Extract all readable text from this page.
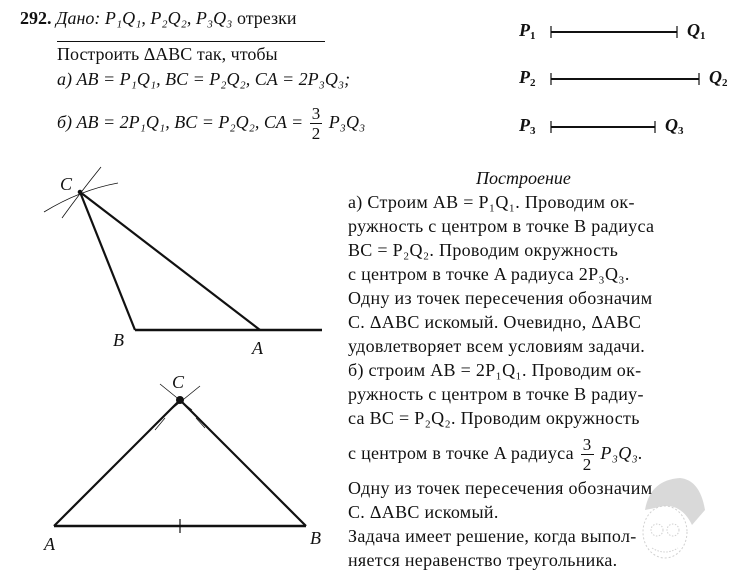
292. Дано: P₁Q₁, P₂Q₂, P₃Q₃ отрезки
Построить ΔABC так, чтобы
а) AB = P₁Q₁, BC = P₂Q₂, CA = 2P₃Q₃;
б) AB = 2P₁Q₁, BC = P₂Q₂, CA = $\frac{3}{2} P_3Q_3$
$P_1$	$Q_1$
$P_2$	$Q_2$
$P_3$	$Q_3$
C
B	A
C
A	B
Построение
а) Строим AB = P₁Q₁. Проводим ок-
ружность с центром в точке B радиуса
BC = P₂Q₂. Проводим окружность
с центром в точке A радиуса 2P₃Q₃.
Одну из точек пересечения обозначим
C. ΔABC искомый. Очевидно, ΔABC
удовлетворяет всем условиям задачи.
б) строим AB = 2P₁Q₁. Проводим ок-
ружность с центром в точке B радиу-
са BC = P₂Q₂. Проводим окружность
с центром в точке A радиуса $\frac{3}{2} P_3Q_3$.
Одну из точек пересечения обозначим
C. ΔABC искомый.
Задача имеет решение, когда выпол-
няется неравенство треугольника.
